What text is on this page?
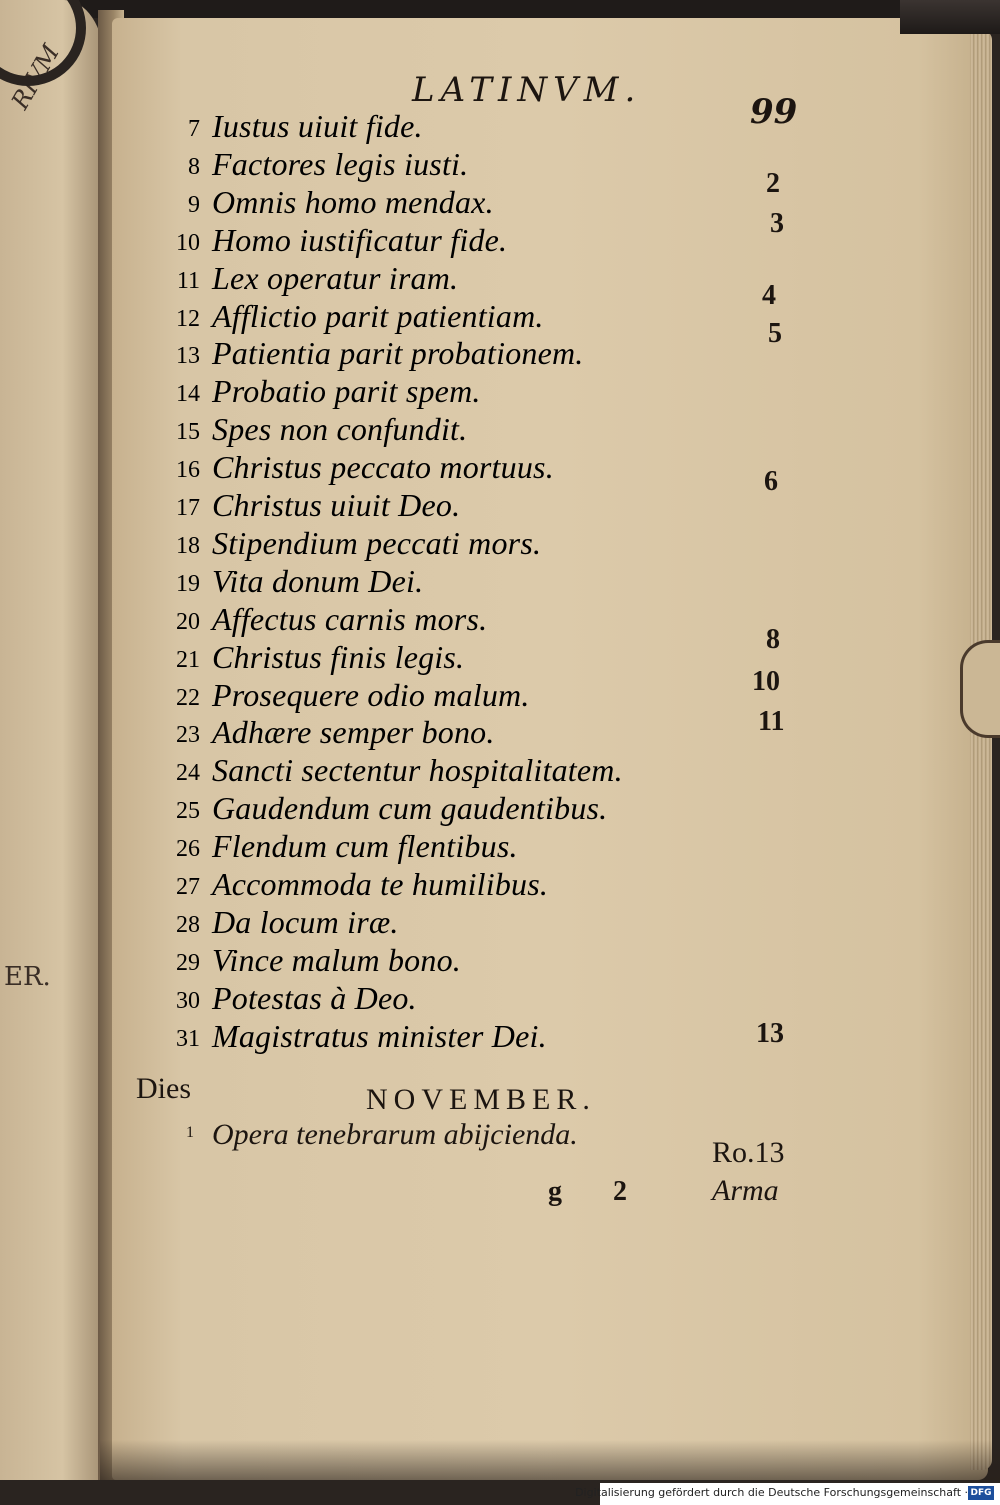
RIVM
ER.
LATINVM.
99
7 Iustus uiuit fide.
8 Factores legis iusti.
9 Omnis homo mendax.
10 Homo iustificatur fide.
11 Lex operatur iram.
12 Afflictio parit patientiam.
13 Patientia parit probationem.
14 Probatio parit spem.
15 Spes non confundit.
16 Christus peccato mortuus.
17 Christus uiuit Deo.
18 Stipendium peccati mors.
19 Vita donum Dei.
20 Affectus carnis mors.
21 Christus finis legis.
22 Prosequere odio malum.
23 Adhære semper bono.
24 Sancti sectentur hospitalitatem.
25 Gaudendum cum gaudentibus.
26 Flendum cum flentibus.
27 Accommoda te humilibus.
28 Da locum iræ.
29 Vince malum bono.
30 Potestas à Deo.
31 Magistratus minister Dei.
2
3
4
5
6
8
10
11
13
Dies	NOVEMBER.
1 Opera tenebrarum abijcienda.
Ro.13
g 2 Arma
Digitalisierung gefördert durch die Deutsche Forschungsgemeinschaft · DFG
